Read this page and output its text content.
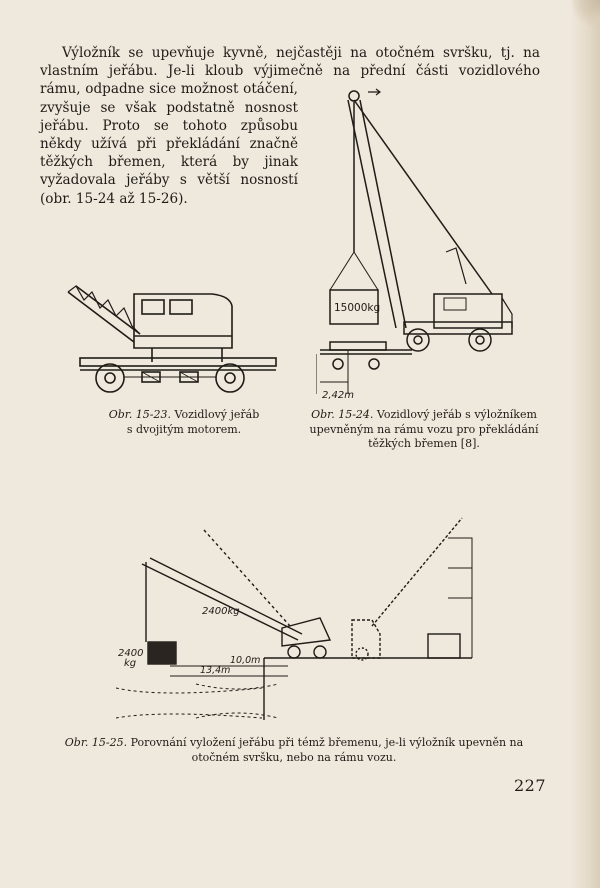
Výložník se upevňuje kyvně, nejčastěji na otočném svršku, tj. na
vlastním jeřábu. Je-li kloub výjimečně na přední části vozidlového
rámu, odpadne sice možnost otáčení,
zvyšuje se však podstatně nosnost
jeřábu. Proto se tohoto způsobu
někdy užívá při překládání značně
těžkých břemen, která by jinak
vyžadovala jeřáby s větší nosností
(obr. 15-24 až 15-26).
Obr. 15-23. Vozidlový jeřáb
s dvojitým motorem.
15000kg
2,42m
Obr. 15-24. Vozidlový jeřáb s výložníkem
upevněným na rámu vozu pro překládání
těžkých břemen [8].
2400kg
2400
kg	10,0m
13,4m
Obr. 15-25. Porovnání vyložení jeřábu při témž břemenu, je-li výložník upevněn na
otočném svršku, nebo na rámu vozu.
227
